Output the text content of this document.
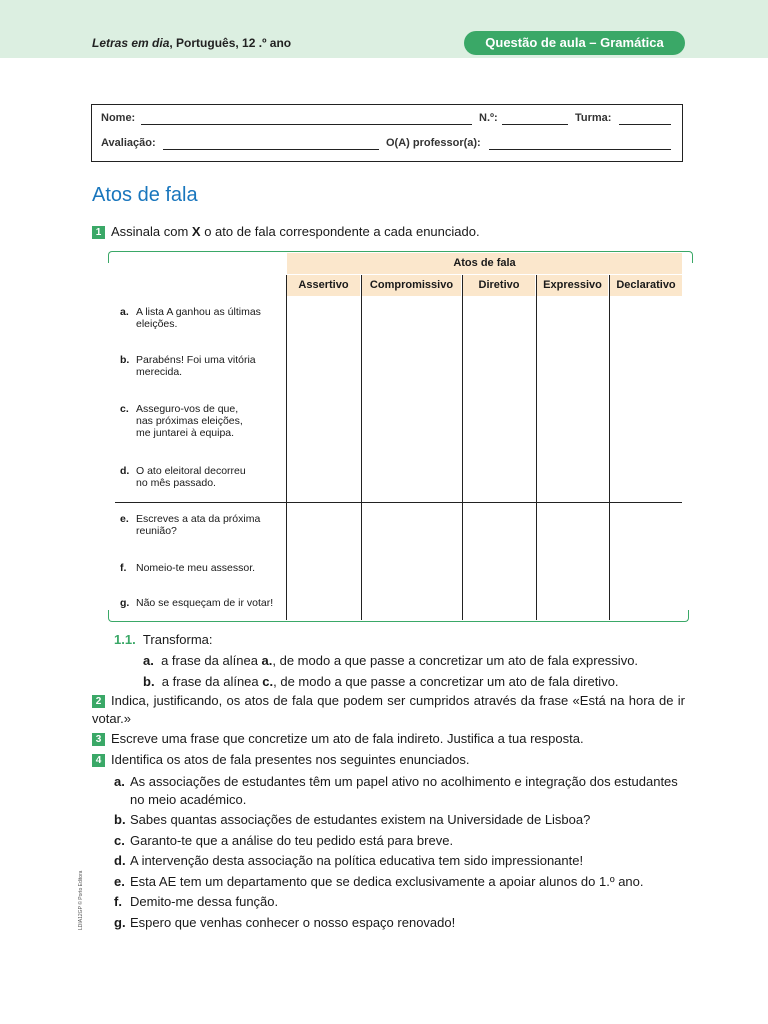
Letras em dia, Português, 12 .º ano	Questão de aula – Gramática
Nome:	N.º:	Turma:
Avaliação:	O(A) professor(a):
Atos de fala
1 Assinala com X o ato de fala correspondente a cada enunciado.
Atos de fala
Assertivo	Compromissivo	Diretivo	Expressivo	Declarativo
a. A lista A ganhou as últimas eleições.
b. Parabéns! Foi uma vitória merecida.
c. Asseguro-vos de que, nas próximas eleições, me juntarei à equipa.
d. O ato eleitoral decorreu no mês passado.
e. Escreves a ata da próxima reunião?
f. Nomeio-te meu assessor.
g. Não se esqueçam de ir votar!
1.1. Transforma:
a. a frase da alínea a., de modo a que passe a concretizar um ato de fala expressivo.
b. a frase da alínea c., de modo a que passe a concretizar um ato de fala diretivo.
2 Indica, justificando, os atos de fala que podem ser cumpridos através da frase «Está na hora de ir votar.»
3 Escreve uma frase que concretize um ato de fala indireto. Justifica a tua resposta.
4 Identifica os atos de fala presentes nos seguintes enunciados.
a. As associações de estudantes têm um papel ativo no acolhimento e integração dos estudantes no meio académico.
b. Sabes quantas associações de estudantes existem na Universidade de Lisboa?
c. Garanto-te que a análise do teu pedido está para breve.
d. A intervenção desta associação na política educativa tem sido impressionante!
e. Esta AE tem um departamento que se dedica exclusivamente a apoiar alunos do 1.º ano.
f. Demito-me dessa função.
g. Espero que venhas conhecer o nosso espaço renovado!
LDIA12GP © Porto Editora
